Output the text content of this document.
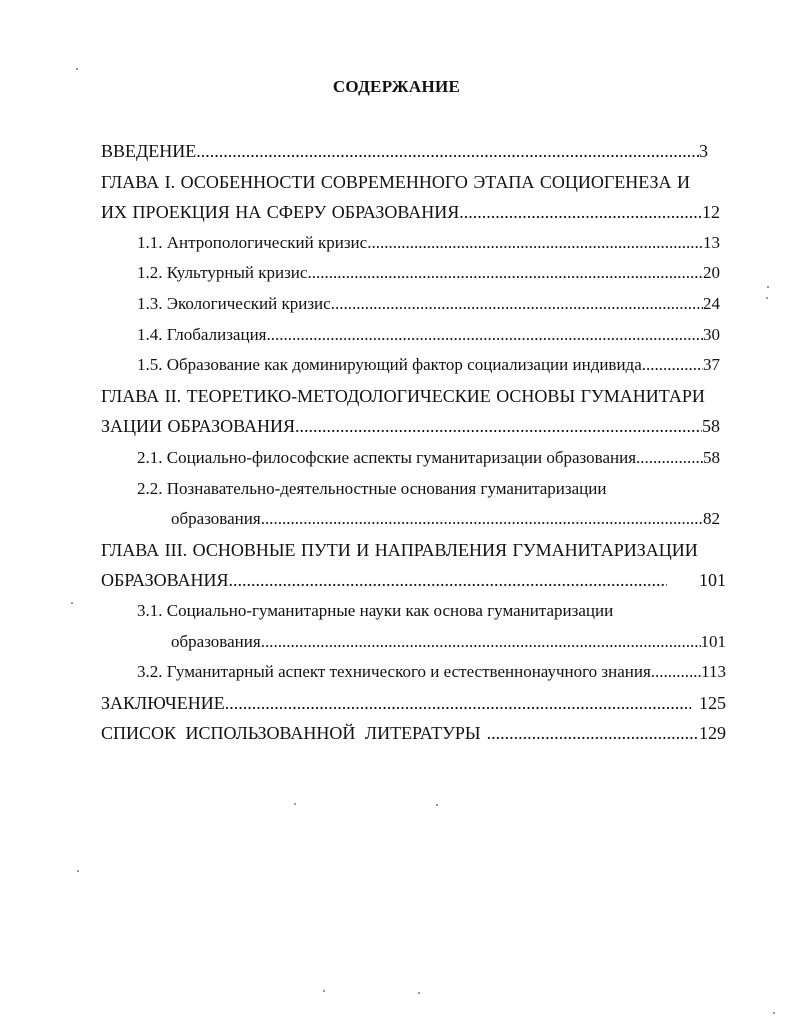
СОДЕРЖАНИЕ
ВВЕДЕНИЕ .....	3
ГЛАВА I. ОСОБЕННОСТИ СОВРЕМЕННОГО ЭТАПА СОЦИОГЕНЕЗА И
ИХ ПРОЕКЦИЯ НА СФЕРУ ОБРАЗОВАНИЯ .....	12
1.1. Антропологический кризис .....	13
1.2. Культурный кризис .....	20
1.3. Экологический кризис .....	24
1.4. Глобализация .....	30
1.5. Образование как доминирующий фактор социализации индивида .....	37
ГЛАВА II. ТЕОРЕТИКО-МЕТОДОЛОГИЧЕСКИЕ ОСНОВЫ ГУМАНИТАРИ
ЗАЦИИ ОБРАЗОВАНИЯ .....	58
2.1. Социально-философские аспекты гуманитаризации образования .....	58
2.2. Познавательно-деятельностные основания гуманитаризации
образования .....	82
ГЛАВА III. ОСНОВНЫЕ ПУТИ И НАПРАВЛЕНИЯ ГУМАНИТАРИЗАЦИИ
ОБРАЗОВАНИЯ .....	101
3.1. Социально-гуманитарные науки как основа гуманитаризации
образования .....	101
3.2. Гуманитарный аспект технического и естественнонаучного знания .....	113
ЗАКЛЮЧЕНИЕ .....	125
СПИСОК ИСПОЛЬЗОВАННОЙ ЛИТЕРАТУРЫ .....	129
